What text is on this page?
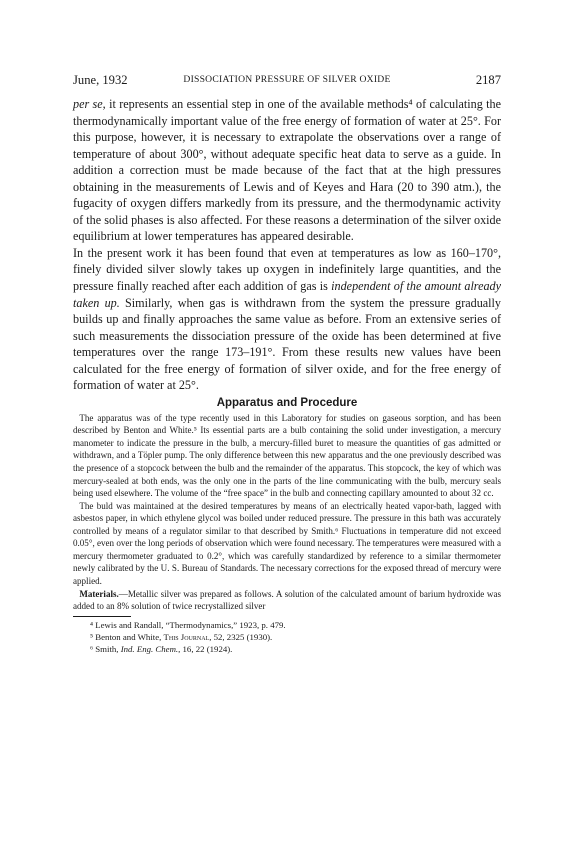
June, 1932	DISSOCIATION PRESSURE OF SILVER OXIDE	2187

per se, it represents an essential step in one of the available methods⁴ of calculating the thermodynamically important value of the free energy of formation of water at 25°. For this purpose, however, it is necessary to extrapolate the observations over a range of temperature of about 300°, without adequate specific heat data to serve as a guide. In addition a correction must be made because of the fact that at the high pressures obtaining in the measurements of Lewis and of Keyes and Hara (20 to 390 atm.), the fugacity of oxygen differs markedly from its pressure, and the thermodynamic activity of the solid phases is also affected. For these reasons a determination of the silver oxide equilibrium at lower temperatures has appeared desirable.

In the present work it has been found that even at temperatures as low as 160–170°, finely divided silver slowly takes up oxygen in indefinitely large quantities, and the pressure finally reached after each addition of gas is independent of the amount already taken up. Similarly, when gas is withdrawn from the system the pressure gradually builds up and finally approaches the same value as before. From an extensive series of such measurements the dissociation pressure of the oxide has been determined at five temperatures over the range 173–191°. From these results new values have been calculated for the free energy of formation of silver oxide, and for the free energy of formation of water at 25°.

Apparatus and Procedure

The apparatus was of the type recently used in this Laboratory for studies on gaseous sorption, and has been described by Benton and White.⁵ Its essential parts are a bulb containing the solid under investigation, a mercury manometer to indicate the pressure in the bulb, a mercury-filled buret to measure the quantities of gas admitted or withdrawn, and a Töpler pump. The only difference between this new apparatus and the one previously described was the presence of a stopcock between the bulb and the remainder of the apparatus. This stopcock, the key of which was mercury-sealed at both ends, was the only one in the parts of the line communicating with the bulb, mercury seals being used elsewhere. The volume of the “free space” in the bulb and connecting capillary amounted to about 32 cc.

The buld was maintained at the desired temperatures by means of an electrically heated vapor-bath, lagged with asbestos paper, in which ethylene glycol was boiled under reduced pressure. The pressure in this bath was accurately controlled by means of a regulator similar to that described by Smith.⁶ Fluctuations in temperature did not exceed 0.05°, even over the long periods of observation which were found necessary. The temperatures were measured with a mercury thermometer graduated to 0.2°, which was carefully standardized by reference to a similar thermometer newly calibrated by the U. S. Bureau of Standards. The necessary corrections for the exposed thread of mercury were applied.

Materials.—Metallic silver was prepared as follows. A solution of the calculated amount of barium hydroxide was added to an 8% solution of twice recrystallized silver

⁴ Lewis and Randall, “Thermodynamics,” 1923, p. 479.
⁵ Benton and White, This Journal, 52, 2325 (1930).
⁶ Smith, Ind. Eng. Chem., 16, 22 (1924).
